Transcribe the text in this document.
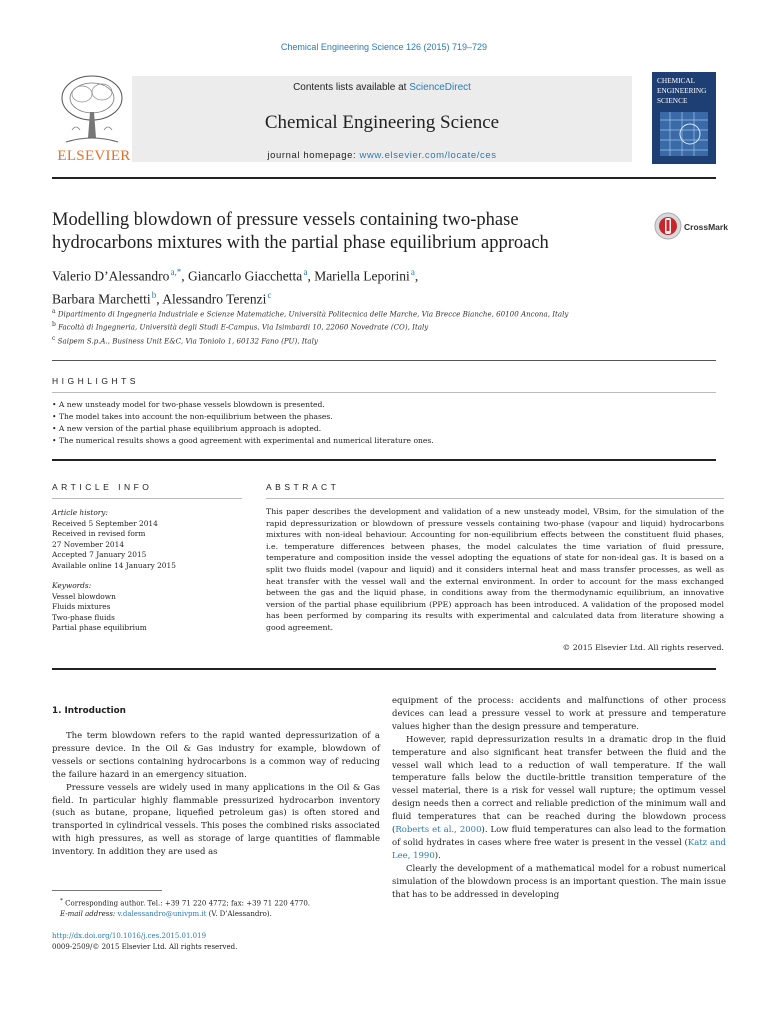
Chemical Engineering Science 126 (2015) 719–729
ELSEVIER
Contents lists available at ScienceDirect
Chemical Engineering Science
journal homepage: www.elsevier.com/locate/ces
CHEMICAL
ENGINEERING
SCIENCE
Modelling blowdown of pressure vessels containing two-phase
hydrocarbons mixtures with the partial phase equilibrium approach
CrossMark
Valerio D’Alessandro $^{a,*}$, Giancarlo Giacchetta $^a$, Mariella Leporini $^a$,
Barbara Marchetti $^b$, Alessandro Terenzi $^c$
$^a$ Dipartimento di Ingegneria Industriale e Scienze Matematiche, Università Politecnica delle Marche, Via Brecce Bianche, 60100 Ancona, Italy
$^b$ Facoltà di Ingegneria, Università degli Studi E-Campus, Via Isimbardi 10, 22060 Novedrate (CO), Italy
$^c$ Saipem S.p.A., Business Unit E&C, Via Toniolo 1, 60132 Fano (PU), Italy
HIGHLIGHTS
• A new unsteady model for two-phase vessels blowdown is presented.
• The model takes into account the non-equilibrium between the phases.
• A new version of the partial phase equilibrium approach is adopted.
• The numerical results shows a good agreement with experimental and numerical literature ones.
ARTICLE INFO	ABSTRACT
Article history:
Received 5 September 2014
Received in revised form
27 November 2014
Accepted 7 January 2015
Available online 14 January 2015
Keywords:
Vessel blowdown
Fluids mixtures
Two-phase fluids
Partial phase equilibrium
This paper describes the development and validation of a new unsteady model, VBsim, for the simulation of the rapid depressurization or blowdown of pressure vessels containing two-phase (vapour and liquid) hydrocarbons mixtures with non-ideal behaviour. Accounting for non-equilibrium effects between the constituent fluid phases, i.e. temperature differences between phases, the model calculates the time variation of fluid pressure, temperature and composition inside the vessel adopting the equations of state for non-ideal gas. It is based on a split two fluids model (vapour and liquid) and it considers internal heat and mass transfer processes, as well as heat transfer with the vessel wall and the external environment. In order to account for the mass exchanged between the gas and the liquid phase, in conditions away from the thermodynamic equilibrium, an innovative version of the partial phase equilibrium (PPE) approach has been introduced. A validation of the proposed model has been performed by comparing its results with experimental and calculated data from literature showing a good agreement.
© 2015 Elsevier Ltd. All rights reserved.
1. Introduction

The term blowdown refers to the rapid wanted depressurization of a pressure device. In the Oil & Gas industry for example, blowdown of vessels or sections containing hydrocarbons is a common way of reducing the failure hazard in an emergency situation.

Pressure vessels are widely used in many applications in the Oil & Gas field. In particular highly flammable pressurized hydrocarbon inventory (such as butane, propane, liquefied petroleum gas) is often stored and transported in cylindrical vessels. This poses the combined risks associated with high pressures, as well as storage of large quantities of flammable inventory. In addition they are used as

equipment of the process: accidents and malfunctions of other process devices can lead a pressure vessel to work at pressure and temperature values higher than the design pressure and temperature.

However, rapid depressurization results in a dramatic drop in the fluid temperature and also significant heat transfer between the fluid and the vessel wall which lead to a reduction of wall temperature. If the wall temperature falls below the ductile-brittle transition temperature of the vessel material, there is a risk for vessel wall rupture; the optimum vessel design needs then a correct and reliable prediction of the minimum wall and fluid temperatures that can be reached during the blowdown process (Roberts et al., 2000). Low fluid temperatures can also lead to the formation of solid hydrates in cases where free water is present in the vessel (Katz and Lee, 1990).

Clearly the development of a mathematical model for a robust numerical simulation of the blowdown process is an important question. The main issue that has to be addressed in developing

* Corresponding author. Tel.: +39 71 220 4772; fax: +39 71 220 4770.
E-mail address: v.dalessandro@univpm.it (V. D’Alessandro).
http://dx.doi.org/10.1016/j.ces.2015.01.019
0009-2509/© 2015 Elsevier Ltd. All rights reserved.
